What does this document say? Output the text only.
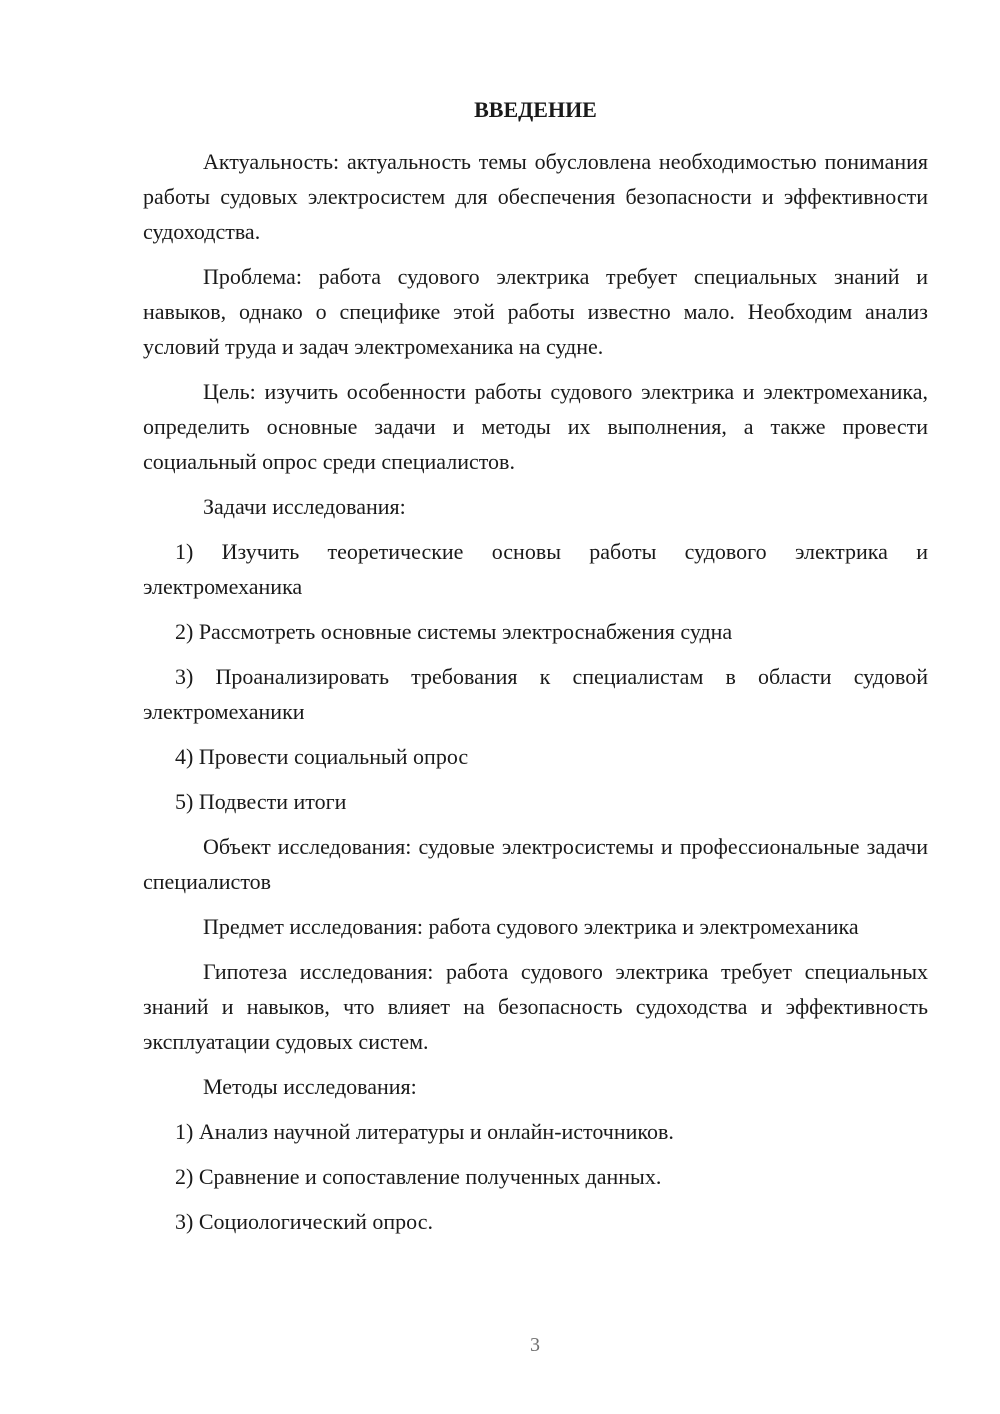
ВВЕДЕНИЕ

Актуальность: актуальность темы обусловлена необходимостью понимания работы судовых электросистем для обеспечения безопасности и эффективности судоходства.

Проблема: работа судового электрика требует специальных знаний и навыков, однако о специфике этой работы известно мало. Необходим анализ условий труда и задач электромеханика на судне.

Цель: изучить особенности работы судового электрика и электромеханика, определить основные задачи и методы их выполнения, а также провести социальный опрос среди специалистов.

Задачи исследования:

1) Изучить теоретические основы работы судового электрика и электромеханика

2) Рассмотреть основные системы электроснабжения судна

3) Проанализировать требования к специалистам в области судовой электромеханики

4) Провести социальный опрос

5) Подвести итоги

Объект исследования: судовые электросистемы и профессиональные задачи специалистов

Предмет исследования: работа судового электрика и электромеханика

Гипотеза исследования: работа судового электрика требует специальных знаний и навыков, что влияет на безопасность судоходства и эффективность эксплуатации судовых систем.

Методы исследования:

1) Анализ научной литературы и онлайн-источников.

2) Сравнение и сопоставление полученных данных.

3) Социологический опрос.

3
